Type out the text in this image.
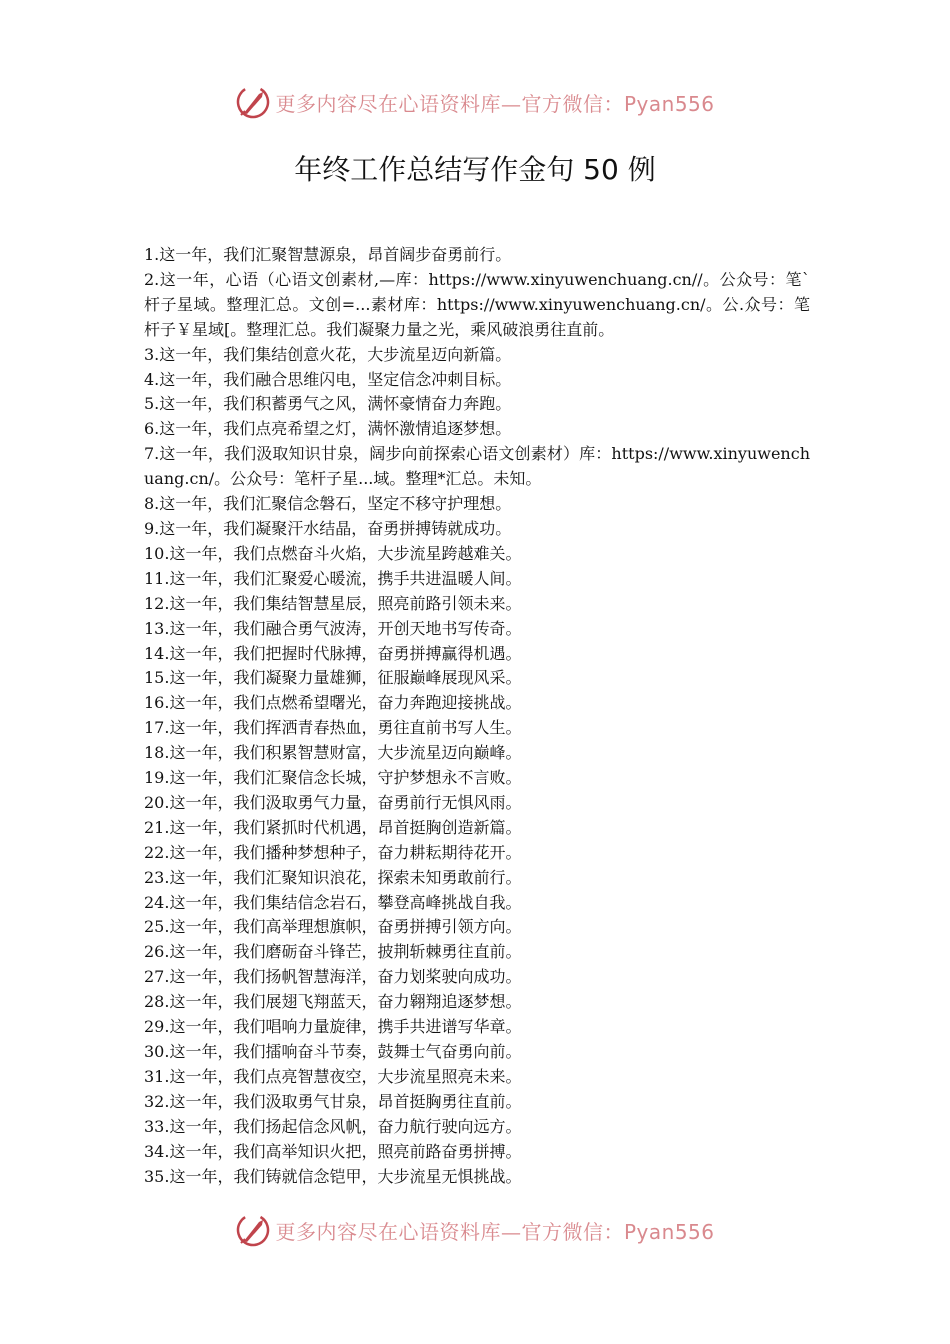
更多内容尽在心语资料库—官方微信：Pyan556
年终工作总结写作金句 50 例
1.这一年，我们汇聚智慧源泉，昂首阔步奋勇前行。
2.这一年，心语（心语文创素材,—库：https://www.xinyuwenchuang.cn//。公众号：笔`杆子星域。整理汇总。文创=...素材库：https://www.xinyuwenchuang.cn/。公.众号：笔杆子￥星域[。整理汇总。我们凝聚力量之光，乘风破浪勇往直前。
3.这一年，我们集结创意火花，大步流星迈向新篇。
4.这一年，我们融合思维闪电，坚定信念冲刺目标。
5.这一年，我们积蓄勇气之风，满怀豪情奋力奔跑。
6.这一年，我们点亮希望之灯，满怀激情追逐梦想。
7.这一年，我们汲取知识甘泉，阔步向前探索心语文创素材）库：https://www.xinyuwenchuang.cn/。公众号：笔杆子星...域。整理*汇总。未知。
8.这一年，我们汇聚信念磐石，坚定不移守护理想。
9.这一年，我们凝聚汗水结晶，奋勇拼搏铸就成功。
10.这一年，我们点燃奋斗火焰，大步流星跨越难关。
11.这一年，我们汇聚爱心暖流，携手共进温暖人间。
12.这一年，我们集结智慧星辰，照亮前路引领未来。
13.这一年，我们融合勇气波涛，开创天地书写传奇。
14.这一年，我们把握时代脉搏，奋勇拼搏赢得机遇。
15.这一年，我们凝聚力量雄狮，征服巅峰展现风采。
16.这一年，我们点燃希望曙光，奋力奔跑迎接挑战。
17.这一年，我们挥洒青春热血，勇往直前书写人生。
18.这一年，我们积累智慧财富，大步流星迈向巅峰。
19.这一年，我们汇聚信念长城，守护梦想永不言败。
20.这一年，我们汲取勇气力量，奋勇前行无惧风雨。
21.这一年，我们紧抓时代机遇，昂首挺胸创造新篇。
22.这一年，我们播种梦想种子，奋力耕耘期待花开。
23.这一年，我们汇聚知识浪花，探索未知勇敢前行。
24.这一年，我们集结信念岩石，攀登高峰挑战自我。
25.这一年，我们高举理想旗帜，奋勇拼搏引领方向。
26.这一年，我们磨砺奋斗锋芒，披荆斩棘勇往直前。
27.这一年，我们扬帆智慧海洋，奋力划桨驶向成功。
28.这一年，我们展翅飞翔蓝天，奋力翱翔追逐梦想。
29.这一年，我们唱响力量旋律，携手共进谱写华章。
30.这一年，我们擂响奋斗节奏，鼓舞士气奋勇向前。
31.这一年，我们点亮智慧夜空，大步流星照亮未来。
32.这一年，我们汲取勇气甘泉，昂首挺胸勇往直前。
33.这一年，我们扬起信念风帆，奋力航行驶向远方。
34.这一年，我们高举知识火把，照亮前路奋勇拼搏。
35.这一年，我们铸就信念铠甲，大步流星无惧挑战。
更多内容尽在心语资料库—官方微信：Pyan556
